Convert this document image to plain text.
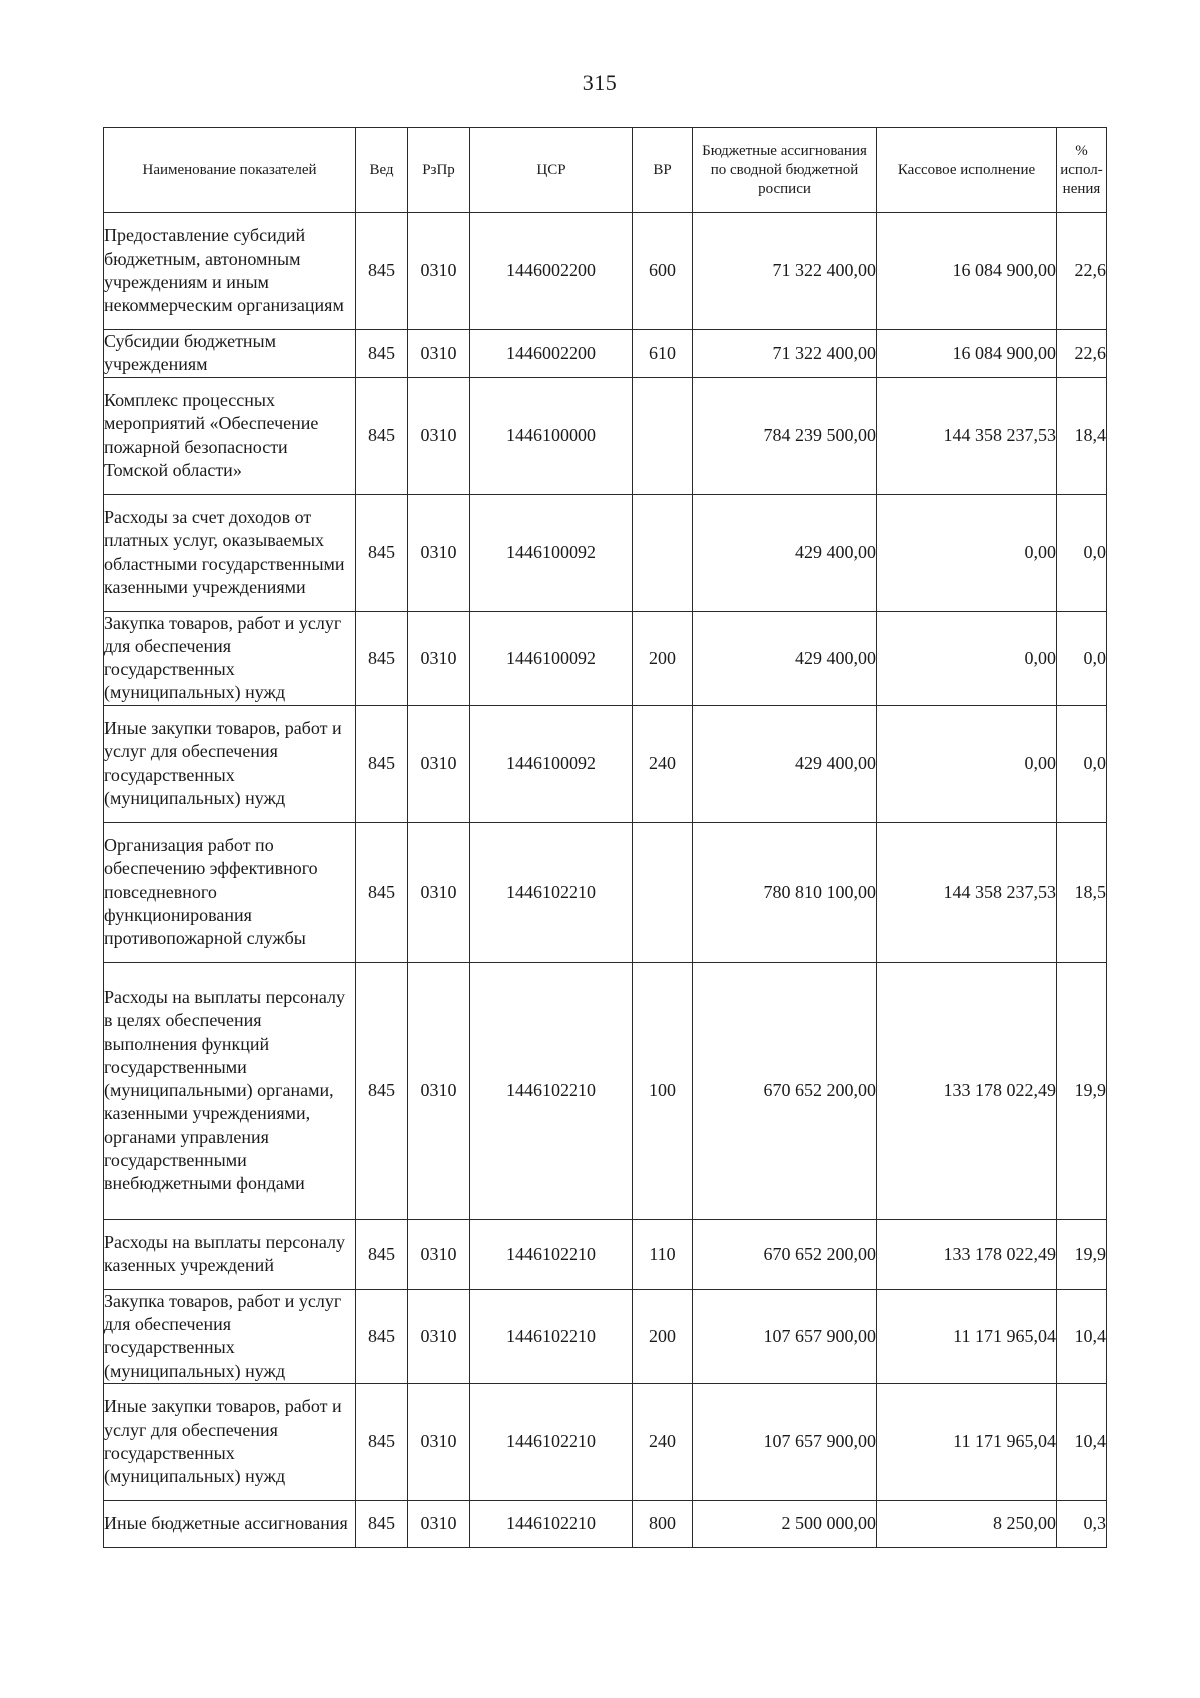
315
Наименование показателей	Вед	РзПр	ЦСР	ВР	Бюджетные ассигнования по сводной бюджетной росписи	Кассовое исполнение	% испол-нения
Предоставление субсидий бюджетным, автономным учреждениям и иным некоммерческим организациям	845	0310	1446002200	600	71 322 400,00	16 084 900,00	22,6
Субсидии бюджетным учреждениям	845	0310	1446002200	610	71 322 400,00	16 084 900,00	22,6
Комплекс процессных мероприятий «Обеспечение пожарной безопасности Томской области»	845	0310	1446100000		784 239 500,00	144 358 237,53	18,4
Расходы за счет доходов от платных услуг, оказываемых областными государственными казенными учреждениями	845	0310	1446100092		429 400,00	0,00	0,0
Закупка товаров, работ и услуг для обеспечения государственных (муниципальных) нужд	845	0310	1446100092	200	429 400,00	0,00	0,0
Иные закупки товаров, работ и услуг для обеспечения государственных (муниципальных) нужд	845	0310	1446100092	240	429 400,00	0,00	0,0
Организация работ по обеспечению эффективного повседневного функционирования противопожарной службы	845	0310	1446102210		780 810 100,00	144 358 237,53	18,5
Расходы на выплаты персоналу в целях обеспечения выполнения функций государственными (муниципальными) органами, казенными учреждениями, органами управления государственными внебюджетными фондами	845	0310	1446102210	100	670 652 200,00	133 178 022,49	19,9
Расходы на выплаты персоналу казенных учреждений	845	0310	1446102210	110	670 652 200,00	133 178 022,49	19,9
Закупка товаров, работ и услуг для обеспечения государственных (муниципальных) нужд	845	0310	1446102210	200	107 657 900,00	11 171 965,04	10,4
Иные закупки товаров, работ и услуг для обеспечения государственных (муниципальных) нужд	845	0310	1446102210	240	107 657 900,00	11 171 965,04	10,4
Иные бюджетные ассигнования	845	0310	1446102210	800	2 500 000,00	8 250,00	0,3
